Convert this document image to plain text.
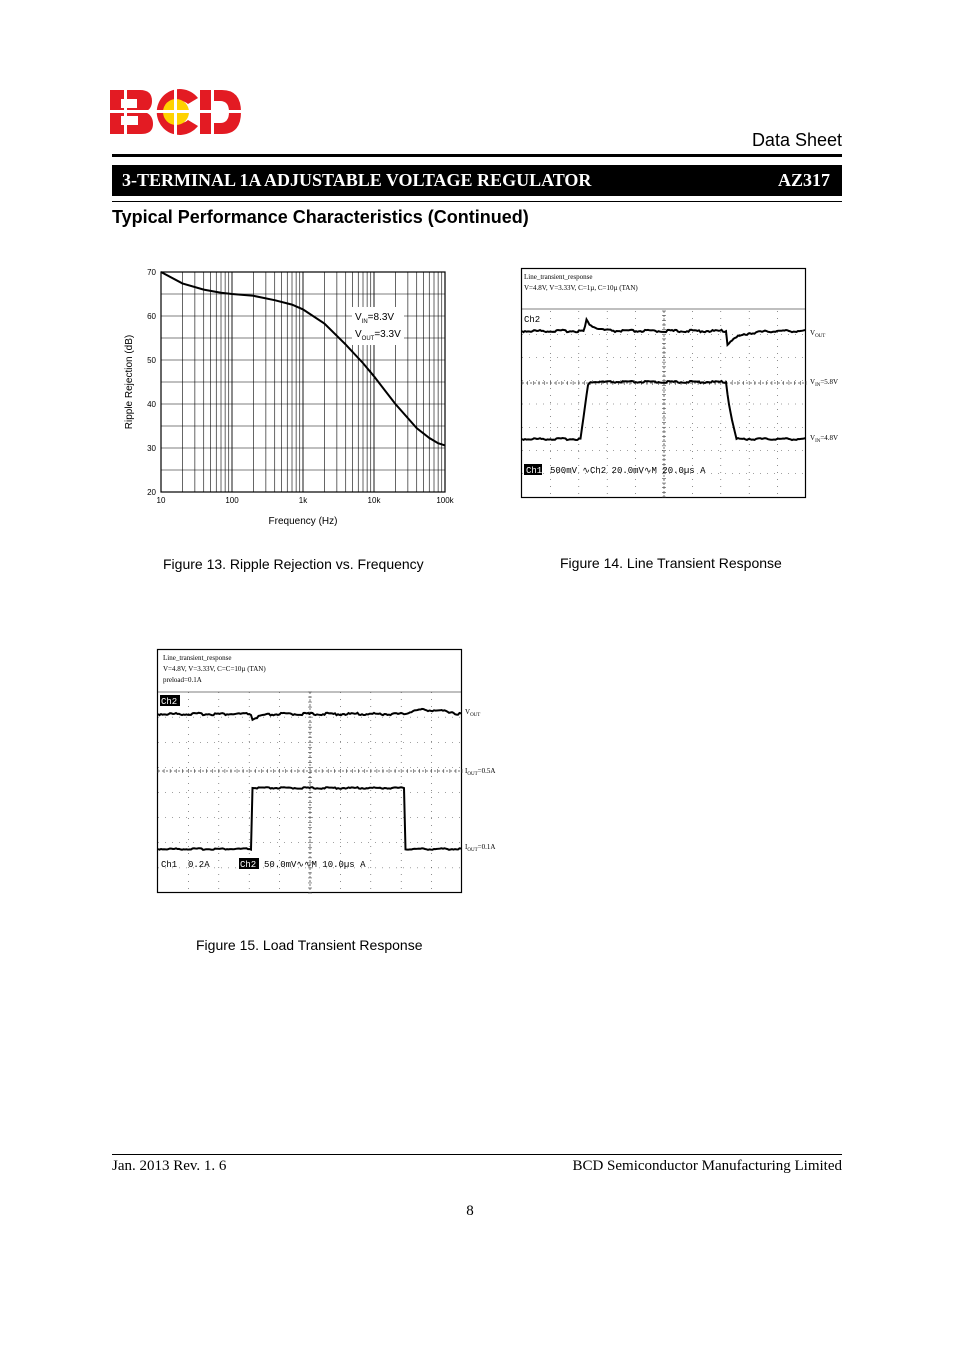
Data Sheet
3-TERMINAL 1A ADJUSTABLE VOLTAGE REGULATOR	AZ317
Typical Performance Characteristics (Continued)
20
30
40
50
60
70
10	100	1k	10k	100k
$V_{IN}=8.3V$
$V_{OUT}=3.3V$
Ripple Rejection (dB)
Frequency (Hz)
Figure 13. Ripple Rejection vs. Frequency
Line_transient_response
V=4.8V, V=3.33V, C=1µ, C=10µ (TAN)
Ch2
Ch1 500mV ∿Ch2 20.0mV∿M 20.0µs A
$V_{OUT}$
$V_{IN}=5.8V$
$V_{IN}=4.8V$
Figure 14. Line Transient Response
Line_transient_response
V=4.8V, V=3.33V, C=C=10µ (TAN)
preload=0.1A
Ch2
Ch1 0.2A	Ch2 50.0mV∿∿M 10.0µs A
$V_{OUT}$
$I_{OUT}=0.5A$
$I_{OUT}=0.1A$
Figure 15. Load Transient Response
Jan. 2013 Rev. 1. 6	BCD Semiconductor Manufacturing Limited
8
